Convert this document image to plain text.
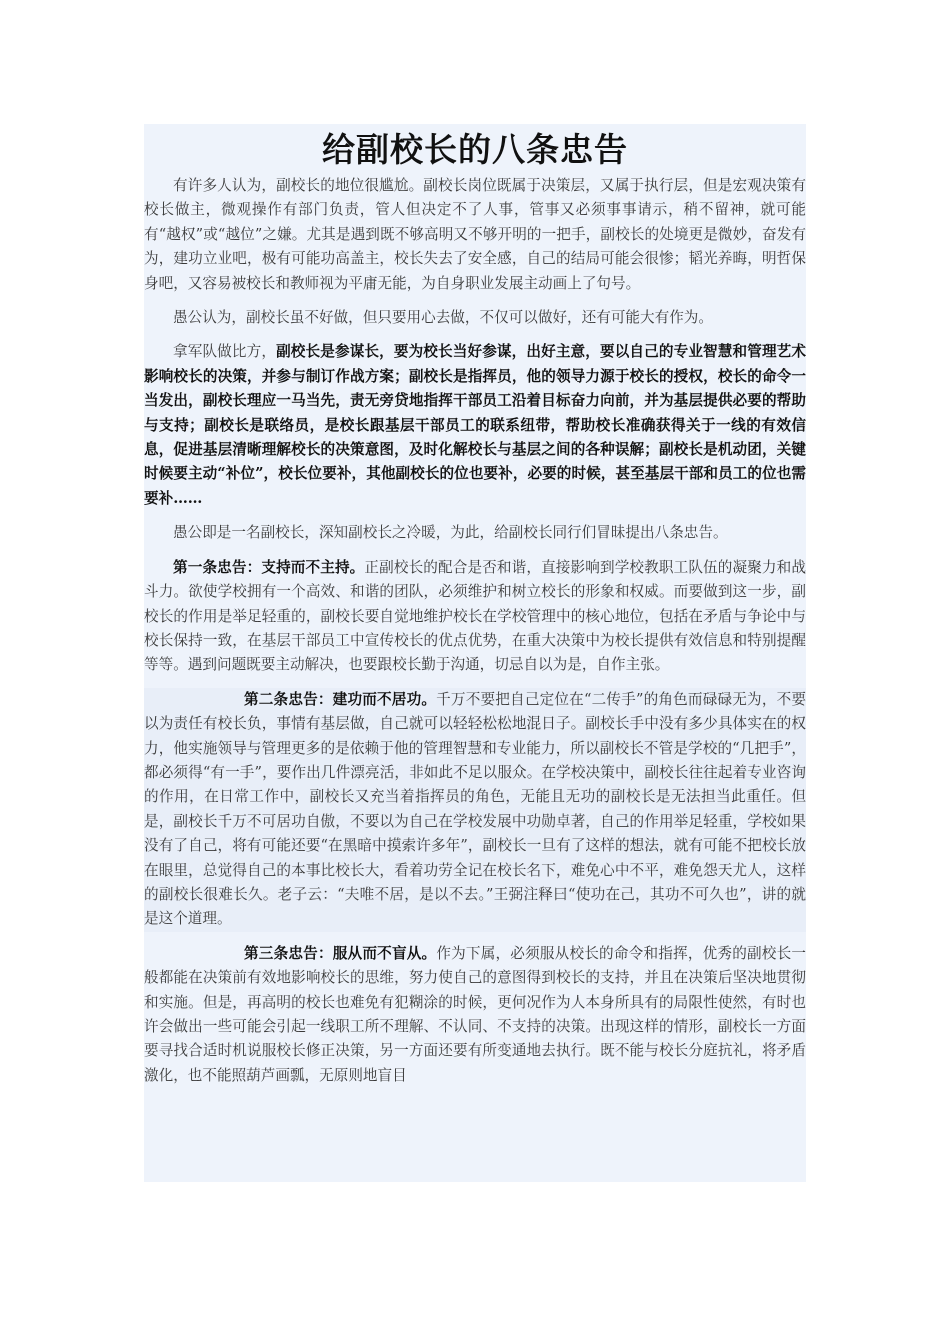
给副校长的八条忠告

有许多人认为，副校长的地位很尴尬。副校长岗位既属于决策层，又属于执行层，但是宏观决策有校长做主，微观操作有部门负责，管人但决定不了人事，管事又必须事事请示，稍不留神，就可能有“越权”或“越位”之嫌。尤其是遇到既不够高明又不够开明的一把手，副校长的处境更是微妙，奋发有为，建功立业吧，极有可能功高盖主，校长失去了安全感，自己的结局可能会很惨；韬光养晦，明哲保身吧，又容易被校长和教师视为平庸无能，为自身职业发展主动画上了句号。

愚公认为，副校长虽不好做，但只要用心去做，不仅可以做好，还有可能大有作为。

拿军队做比方，副校长是参谋长，要为校长当好参谋，出好主意，要以自己的专业智慧和管理艺术影响校长的决策，并参与制订作战方案；副校长是指挥员，他的领导力源于校长的授权，校长的命令一当发出，副校长理应一马当先，责无旁贷地指挥干部员工沿着目标奋力向前，并为基层提供必要的帮助与支持；副校长是联络员，是校长跟基层干部员工的联系纽带，帮助校长准确获得关于一线的有效信息，促进基层清晰理解校长的决策意图，及时化解校长与基层之间的各种误解；副校长是机动团，关键时候要主动“补位”，校长位要补，其他副校长的位也要补，必要的时候，甚至基层干部和员工的位也需要补……

愚公即是一名副校长，深知副校长之冷暖，为此，给副校长同行们冒昧提出八条忠告。

第一条忠告：支持而不主持。正副校长的配合是否和谐，直接影响到学校教职工队伍的凝聚力和战斗力。欲使学校拥有一个高效、和谐的团队，必须维护和树立校长的形象和权威。而要做到这一步，副校长的作用是举足轻重的，副校长要自觉地维护校长在学校管理中的核心地位，包括在矛盾与争论中与校长保持一致，在基层干部员工中宣传校长的优点优势，在重大决策中为校长提供有效信息和特别提醒等等。遇到问题既要主动解决，也要跟校长勤于沟通，切忌自以为是，自作主张。

第二条忠告：建功而不居功。千万不要把自己定位在“二传手”的角色而碌碌无为，不要以为责任有校长负，事情有基层做，自己就可以轻轻松松地混日子。副校长手中没有多少具体实在的权力，他实施领导与管理更多的是依赖于他的管理智慧和专业能力，所以副校长不管是学校的“几把手”，都必须得“有一手”，要作出几件漂亮活，非如此不足以服众。在学校决策中，副校长往往起着专业咨询的作用，在日常工作中，副校长又充当着指挥员的角色，无能且无功的副校长是无法担当此重任。但是，副校长千万不可居功自傲，不要以为自己在学校发展中功勋卓著，自己的作用举足轻重，学校如果没有了自己，将有可能还要“在黑暗中摸索许多年”，副校长一旦有了这样的想法，就有可能不把校长放在眼里，总觉得自己的本事比校长大，看着功劳全记在校长名下，难免心中不平，难免怨天尤人，这样的副校长很难长久。老子云：“夫唯不居，是以不去。”王弼注释曰“使功在己，其功不可久也”，讲的就是这个道理。

第三条忠告：服从而不盲从。作为下属，必须服从校长的命令和指挥，优秀的副校长一般都能在决策前有效地影响校长的思维，努力使自己的意图得到校长的支持，并且在决策后坚决地贯彻和实施。但是，再高明的校长也难免有犯糊涂的时候，更何况作为人本身所具有的局限性使然，有时也许会做出一些可能会引起一线职工所不理解、不认同、不支持的决策。出现这样的情形，副校长一方面要寻找合适时机说服校长修正决策，另一方面还要有所变通地去执行。既不能与校长分庭抗礼，将矛盾激化，也不能照葫芦画瓢，无原则地盲目
